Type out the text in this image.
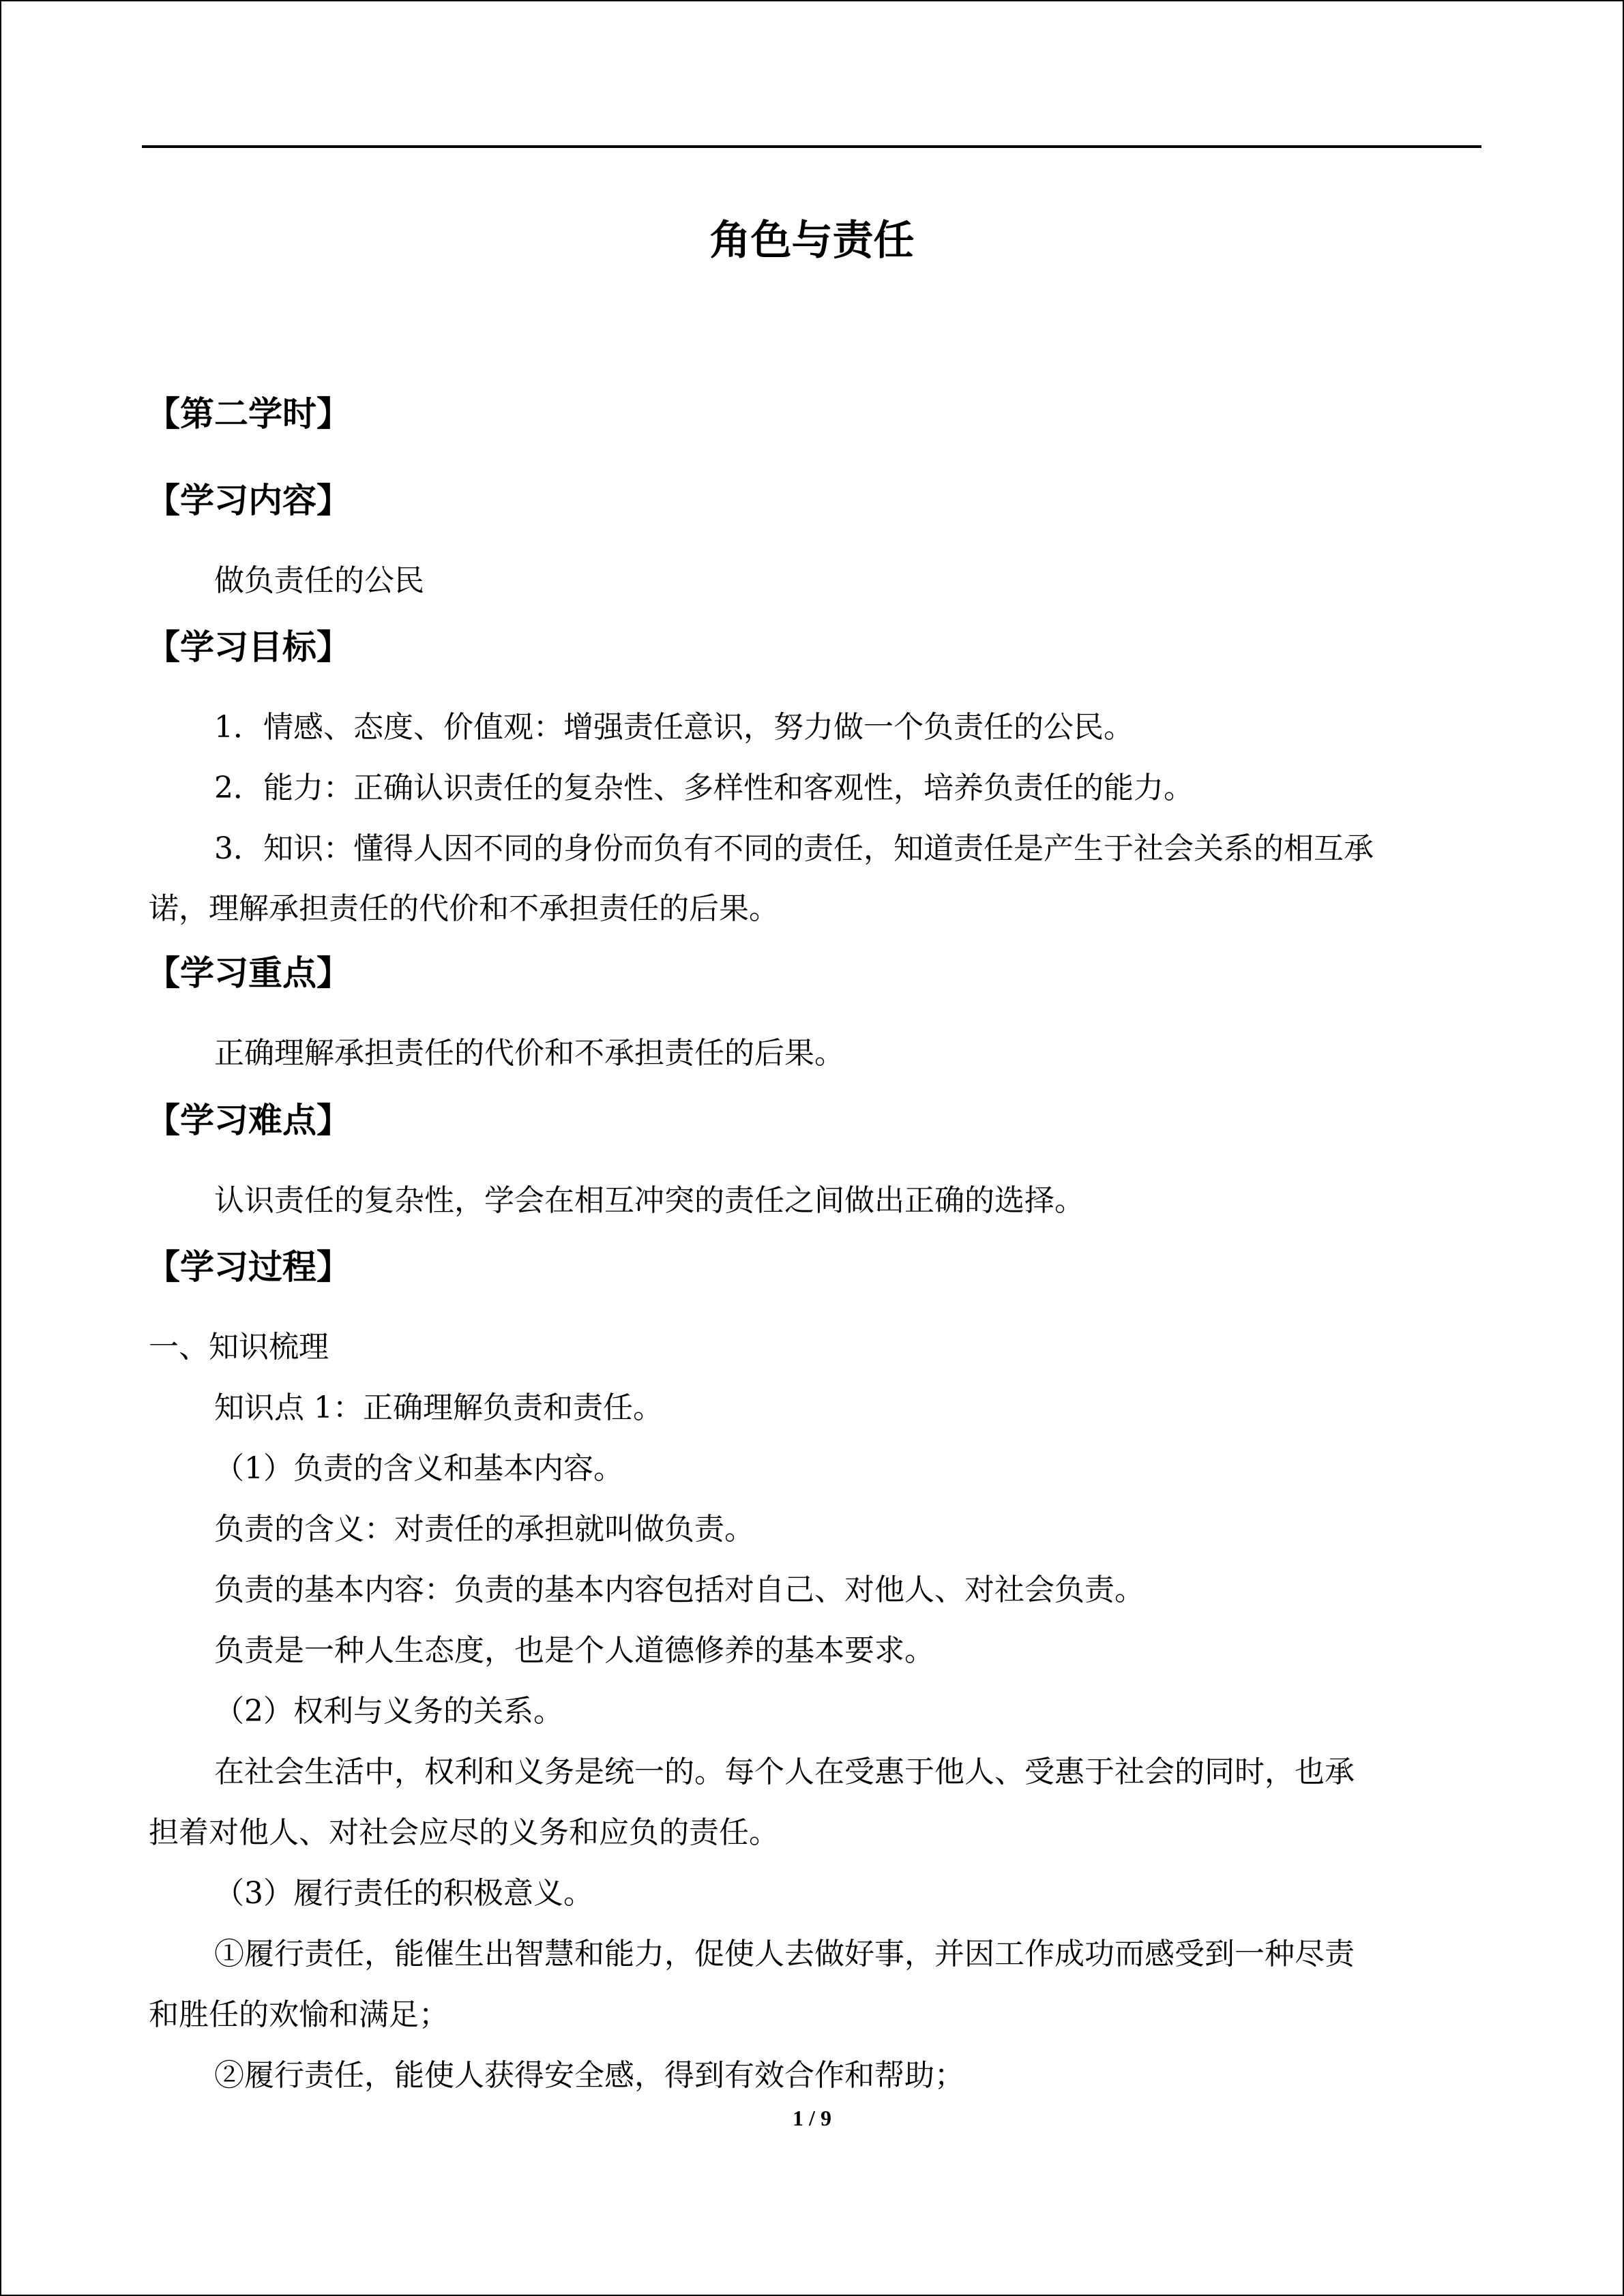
角色与责任
【第二学时】
【学习内容】
做负责任的公民
【学习目标】
1．情感、态度、价值观：增强责任意识，努力做一个负责任的公民。
2．能力：正确认识责任的复杂性、多样性和客观性，培养负责任的能力。
3．知识：懂得人因不同的身份而负有不同的责任，知道责任是产生于社会关系的相互承
诺，理解承担责任的代价和不承担责任的后果。
【学习重点】
正确理解承担责任的代价和不承担责任的后果。
【学习难点】
认识责任的复杂性，学会在相互冲突的责任之间做出正确的选择。
【学习过程】
一、知识梳理
知识点 1：正确理解负责和责任。
（1）负责的含义和基本内容。
负责的含义：对责任的承担就叫做负责。
负责的基本内容：负责的基本内容包括对自己、对他人、对社会负责。
负责是一种人生态度，也是个人道德修养的基本要求。
（2）权利与义务的关系。
在社会生活中，权利和义务是统一的。每个人在受惠于他人、受惠于社会的同时，也承
担着对他人、对社会应尽的义务和应负的责任。
（3）履行责任的积极意义。
①履行责任，能催生出智慧和能力，促使人去做好事，并因工作成功而感受到一种尽责
和胜任的欢愉和满足；
②履行责任，能使人获得安全感，得到有效合作和帮助；
1 / 9
